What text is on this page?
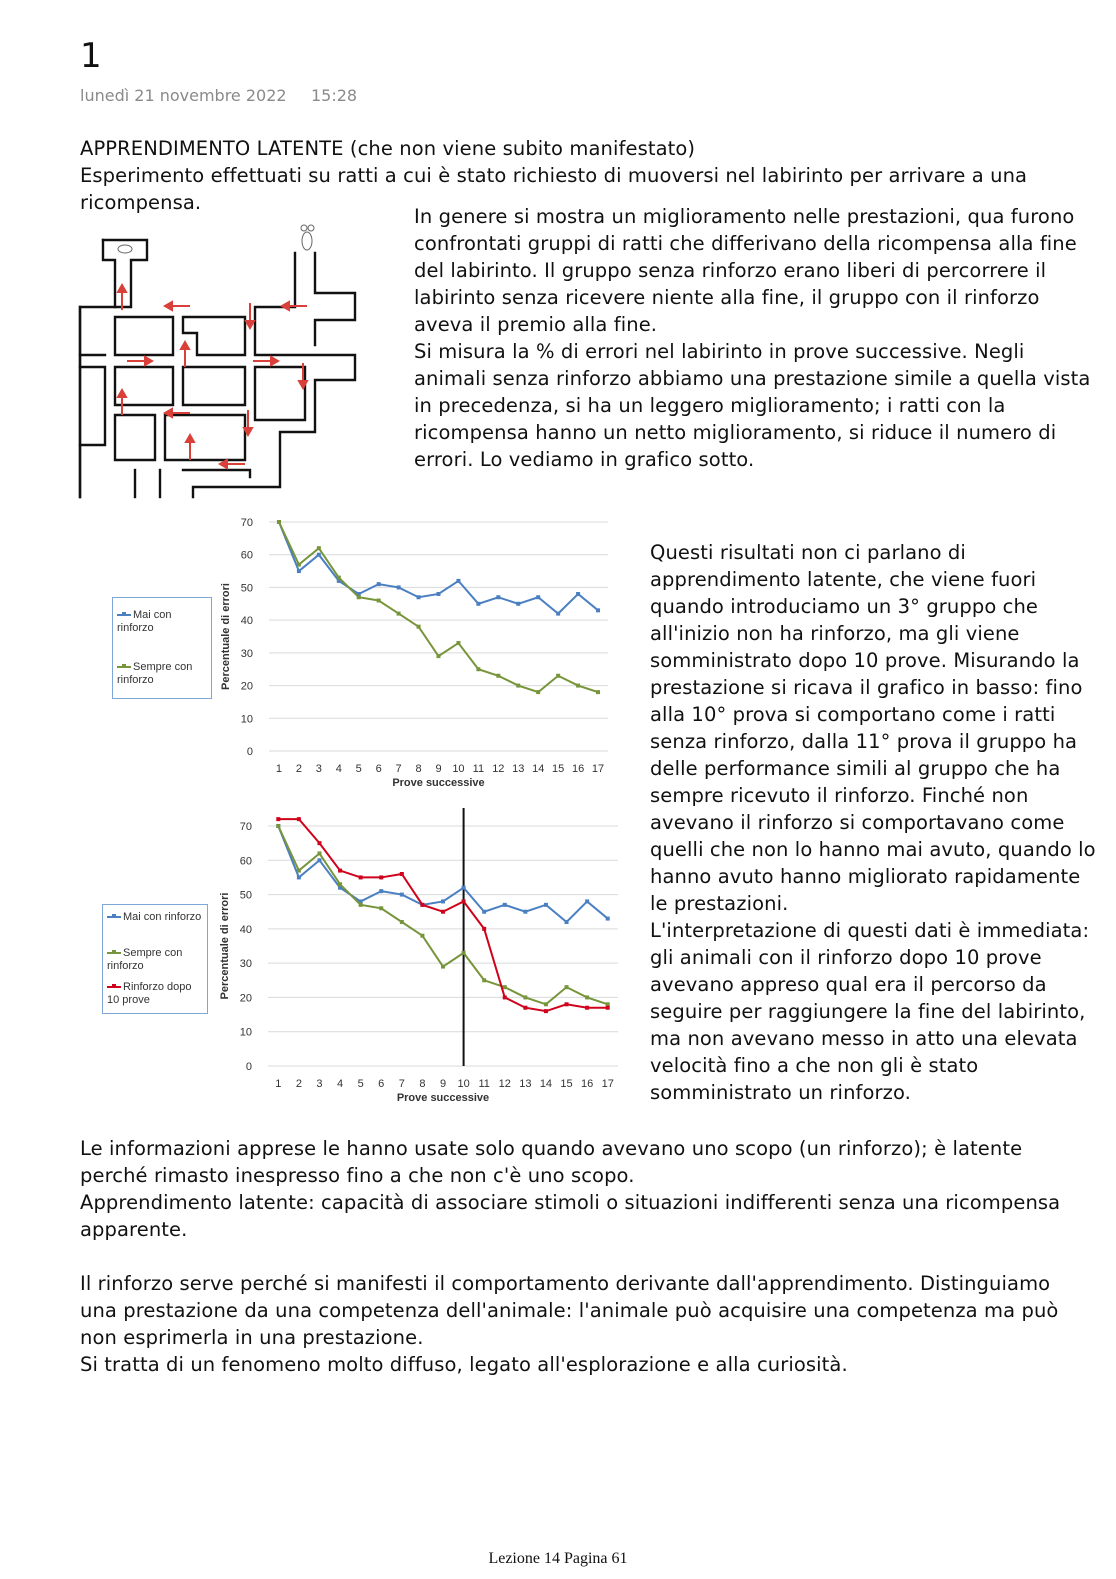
1
lunedì 21 novembre 2022 15:28

APPRENDIMENTO LATENTE (che non viene subito manifestato)

Esperimento effettuati su ratti a cui è stato richiesto di muoversi nel labirinto per arrivare a una ricompensa.

In genere si mostra un miglioramento nelle prestazioni, qua furono confrontati gruppi di ratti che differivano della ricompensa alla fine del labirinto. Il gruppo senza rinforzo erano liberi di percorrere il labirinto senza ricevere niente alla fine, il gruppo con il rinforzo aveva il premio alla fine.

Si misura la % di errori nel labirinto in prove successive. Negli animali senza rinforzo abbiamo una prestazione simile a quella vista in precedenza, si ha un leggero miglioramento; i ratti con la ricompensa hanno un netto miglioramento, si riduce il numero di errori. Lo vediamo in grafico sotto.

0
10
20
30
40
50
60
70
1 2 3 4 5 6 7 8 9 10 11 12 13 14 15 16 17
Prove successive
Percentuale di errori
Mai con rinforzo
Sempre con rinforzo
0
10
20
30
40
50
60
70
1 2 3 4 5 6 7 8 9 10 11 12 13 14 15 16 17
Prove successive
Percentuale di errori
Mai con rinforzo
Sempre con rinforzo
Rinforzo dopo 10 prove

Questi risultati non ci parlano di apprendimento latente, che viene fuori quando introduciamo un 3° gruppo che all'inizio non ha rinforzo, ma gli viene somministrato dopo 10 prove. Misurando la prestazione si ricava il grafico in basso: fino alla 10° prova si comportano come i ratti senza rinforzo, dalla 11° prova il gruppo ha delle performance simili al gruppo che ha sempre ricevuto il rinforzo. Finché non avevano il rinforzo si comportavano come quelli che non lo hanno mai avuto, quando lo hanno avuto hanno migliorato rapidamente le prestazioni.

L'interpretazione di questi dati è immediata: gli animali con il rinforzo dopo 10 prove avevano appreso qual era il percorso da seguire per raggiungere la fine del labirinto, ma non avevano messo in atto una elevata velocità fino a che non gli è stato somministrato un rinforzo.

Le informazioni apprese le hanno usate solo quando avevano uno scopo (un rinforzo); è latente perché rimasto inespresso fino a che non c'è uno scopo.

Apprendimento latente: capacità di associare stimoli o situazioni indifferenti senza una ricompensa apparente.

Il rinforzo serve perché si manifesti il comportamento derivante dall'apprendimento. Distinguiamo una prestazione da una competenza dell'animale: l'animale può acquisire una competenza ma può non esprimerla in una prestazione.

Si tratta di un fenomeno molto diffuso, legato all'esplorazione e alla curiosità.

Lezione 14 Pagina 61
